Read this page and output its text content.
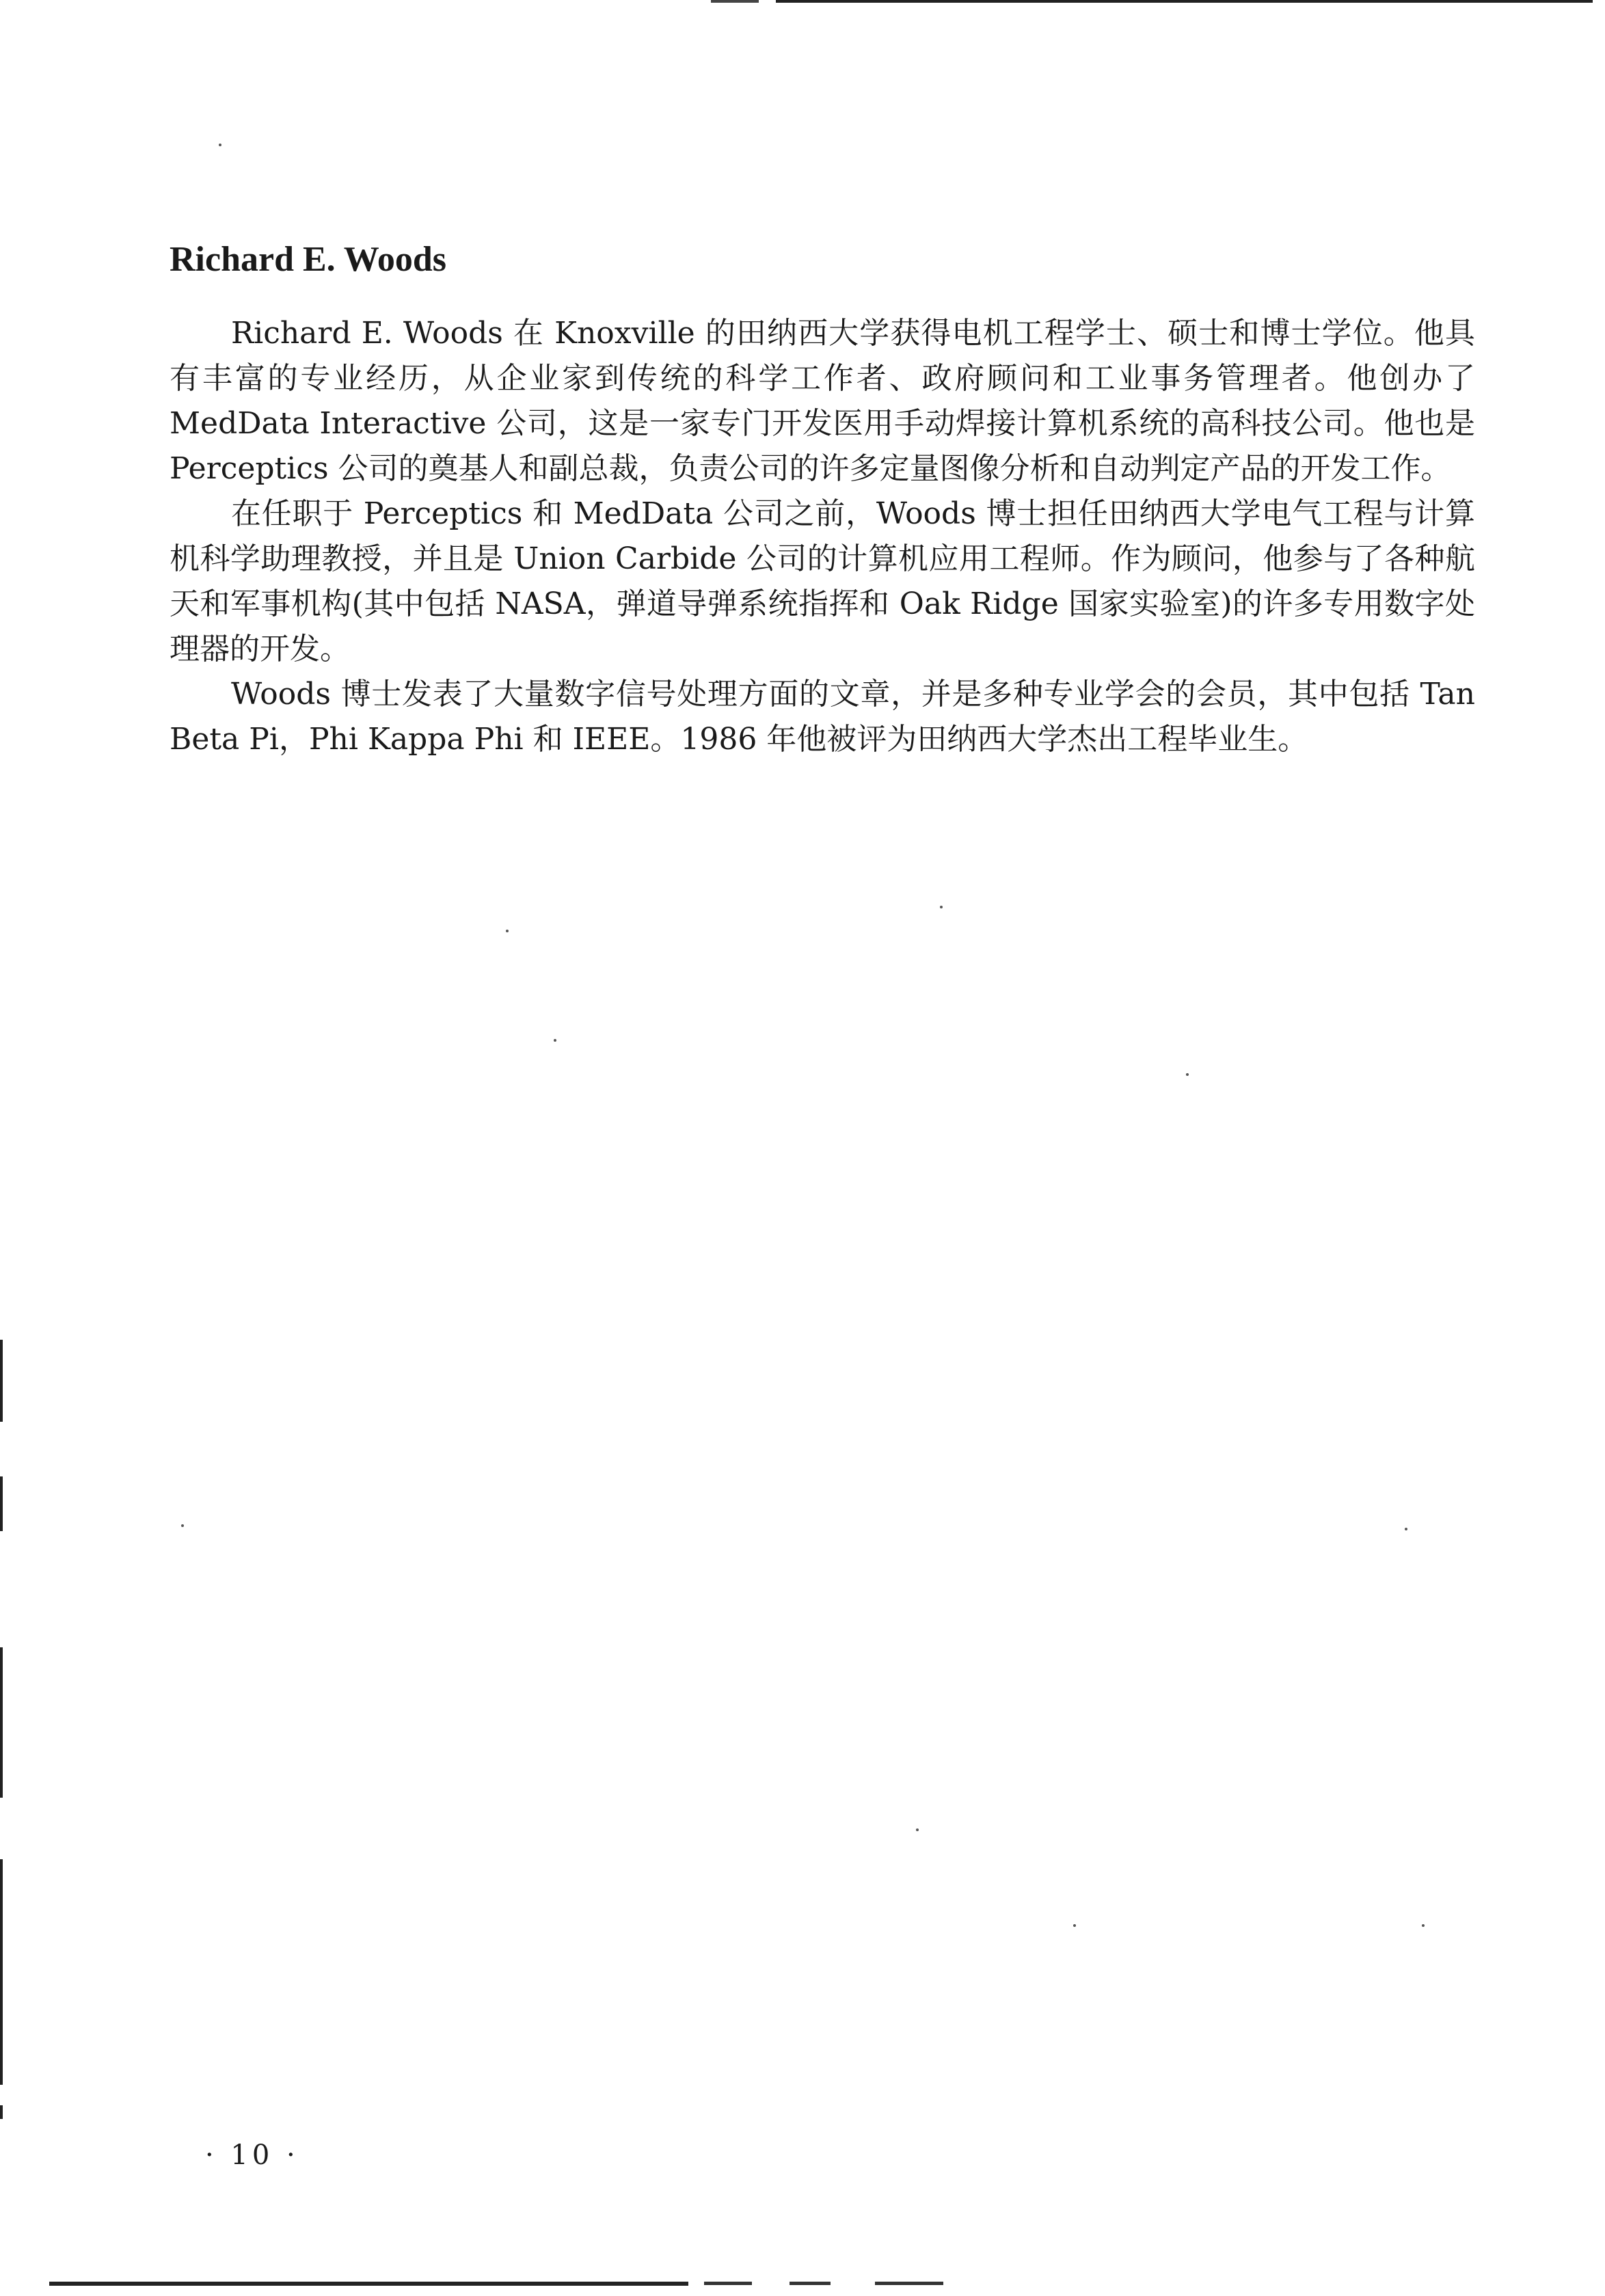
Richard E. Woods

Richard E. Woods 在 Knoxville 的田纳西大学获得电机工程学士、硕士和博士学位。他具有丰富的专业经历，从企业家到传统的科学工作者、政府顾问和工业事务管理者。他创办了 MedData Interactive 公司，这是一家专门开发医用手动焊接计算机系统的高科技公司。他也是 Perceptics 公司的奠基人和副总裁，负责公司的许多定量图像分析和自动判定产品的开发工作。

在任职于 Perceptics 和 MedData 公司之前，Woods 博士担任田纳西大学电气工程与计算机科学助理教授，并且是 Union Carbide 公司的计算机应用工程师。作为顾问，他参与了各种航天和军事机构(其中包括 NASA，弹道导弹系统指挥和 Oak Ridge 国家实验室)的许多专用数字处理器的开发。

Woods 博士发表了大量数字信号处理方面的文章，并是多种专业学会的会员，其中包括 Tan Beta Pi，Phi Kappa Phi 和 IEEE。1986 年他被评为田纳西大学杰出工程毕业生。

· 10 ·
